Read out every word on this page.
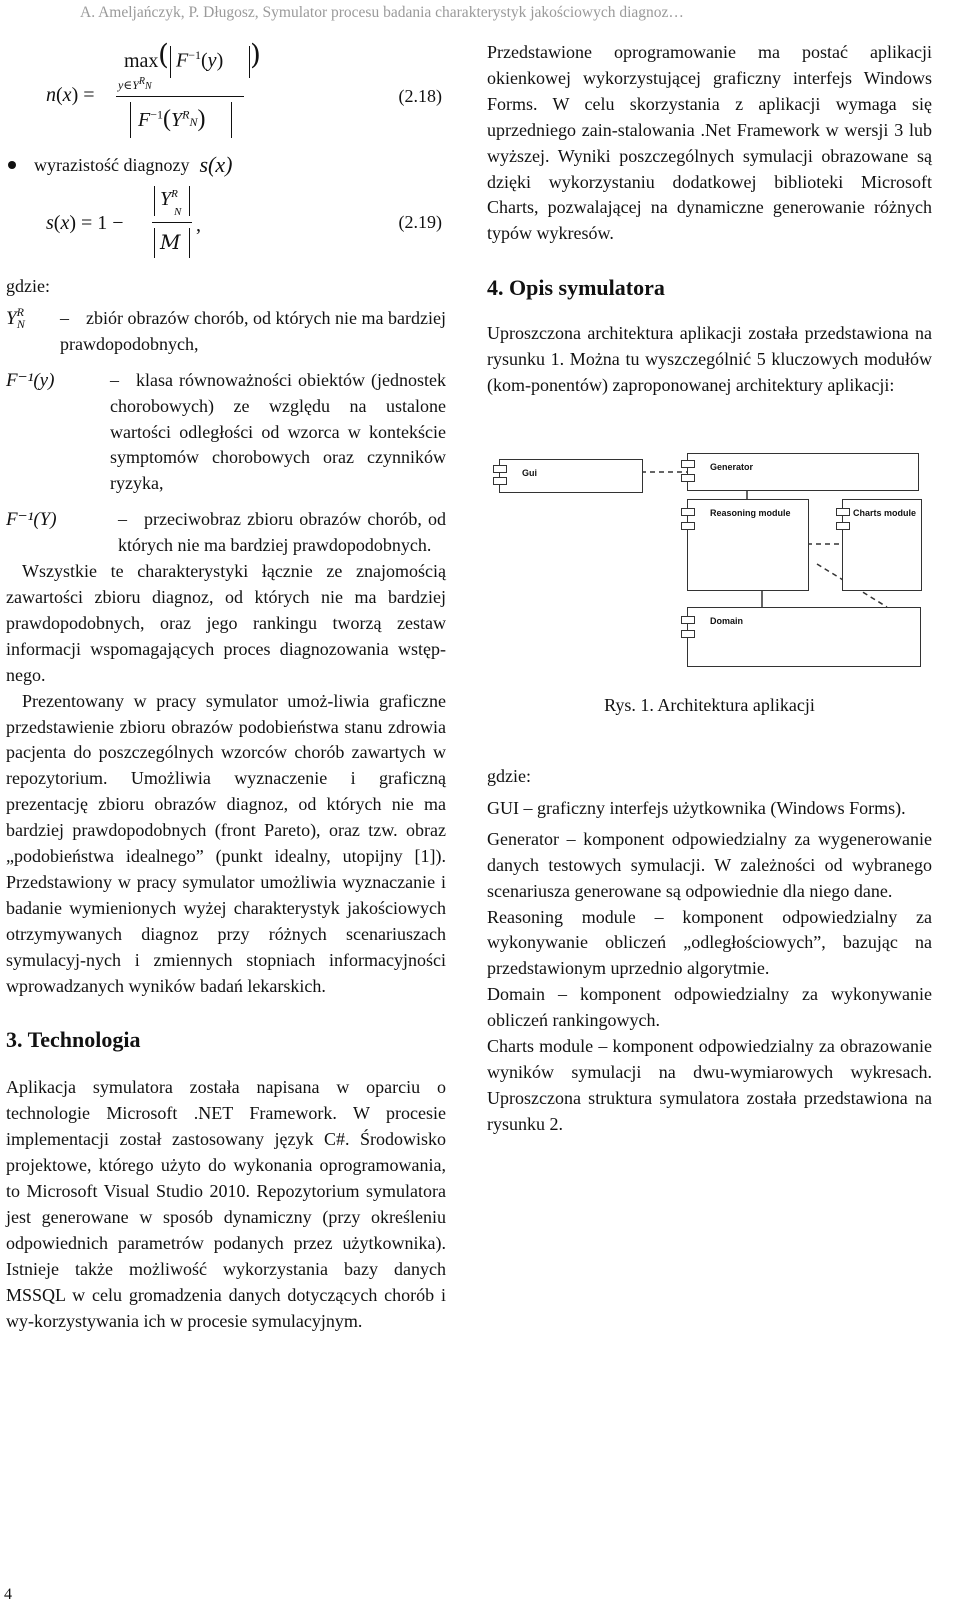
A. Ameljańczyk, P. Długosz, Symulator procesu badania charakterystyk jakościowych diagnoz…
n(x) =
max ( $F^{-1}(y)$ )
$y\in Y^RN$
$F^{-1}(Y^RN)$
(2.18)
wyrazistość diagnozy s(x)
s(x) = 1 −
$Y^R$
N
M
,	(2.19)

gdzie:

$Y^R_N$	– zbiór obrazów chorób, od których nie ma bardziej prawdopodobnych,
F⁻¹(y)	– klasa równoważności obiektów (jednostek chorobowych) ze względu na ustalone wartości odległości od wzorca w kontekście symptomów chorobowych oraz czynników ryzyka,
F⁻¹(Y)	– przeciwobraz zbioru obrazów chorób, od których nie ma bardziej prawdopodobnych.

Wszystkie te charakterystyki łącznie ze znajomością zawartości zbioru diagnoz, od których nie ma bardziej prawdopodobnych, oraz jego rankingu tworzą zestaw informacji wspomagających proces diagnozowania wstęp-nego.

Prezentowany w pracy symulator umoż-liwia graficzne przedstawienie zbioru obrazów podobieństwa stanu zdrowia pacjenta do poszczególnych wzorców chorób zawartych w repozytorium. Umożliwia wyznaczenie i graficzną prezentację zbioru obrazów diagnoz, od których nie ma bardziej prawdopodobnych (front Pareto), oraz tzw. obraz „podobieństwa idealnego” (punkt idealny, utopijny [1]). Przedstawiony w pracy symulator umożliwia wyznaczanie i badanie wymienionych wyżej charakterystyk jakościowych otrzymywanych diagnoz przy różnych scenariuszach symulacyj-nych i zmiennych stopniach informacyjności wprowadzanych wyników badań lekarskich.

3. Technologia

Aplikacja symulatora została napisana w oparciu o technologie Microsoft .NET Framework. W procesie implementacji został zastosowany język C#. Środowisko projektowe, którego użyto do wykonania oprogramowania, to Microsoft Visual Studio 2010. Repozytorium symulatora jest generowane w sposób dynamiczny (przy określeniu odpowiednich parametrów podanych przez użytkownika). Istnieje także możliwość wykorzystania bazy danych MSSQL w celu gromadzenia danych dotyczących chorób i wy-korzystywania ich w procesie symulacyjnym.

Przedstawione oprogramowanie ma postać aplikacji okienkowej wykorzystującej graficzny interfejs Windows Forms. W celu skorzystania z aplikacji wymaga się uprzedniego zain-stalowania .Net Framework w wersji 3 lub wyższej. Wyniki poszczególnych symulacji obrazowane są dzięki wykorzystaniu dodatkowej biblioteki Microsoft Charts, pozwalającej na dynamiczne generowanie różnych typów wykresów.

4. Opis symulatora

Uproszczona architektura aplikacji została przedstawiona na rysunku 1. Można tu wyszczególnić 5 kluczowych modułów (kom-ponentów) zaproponowanej architektury aplikacji:

Gui
Generator
Reasoning module	Charts module
Domain
Rys. 1. Architektura aplikacji

gdzie:

GUI – graficzny interfejs użytkownika (Windows Forms).

Generator – komponent odpowiedzialny za wygenerowanie danych testowych symulacji. W zależności od wybranego scenariusza generowane są odpowiednie dla niego dane.

Reasoning module – komponent odpowiedzialny za wykonywanie obliczeń „odległościowych”, bazując na przedstawionym uprzednio algorytmie.

Domain – komponent odpowiedzialny za wykonywanie obliczeń rankingowych.

Charts module – komponent odpowiedzialny za obrazowanie wyników symulacji na dwu-wymiarowych wykresach. Uproszczona struktura symulatora została przedstawiona na rysunku 2.

4
